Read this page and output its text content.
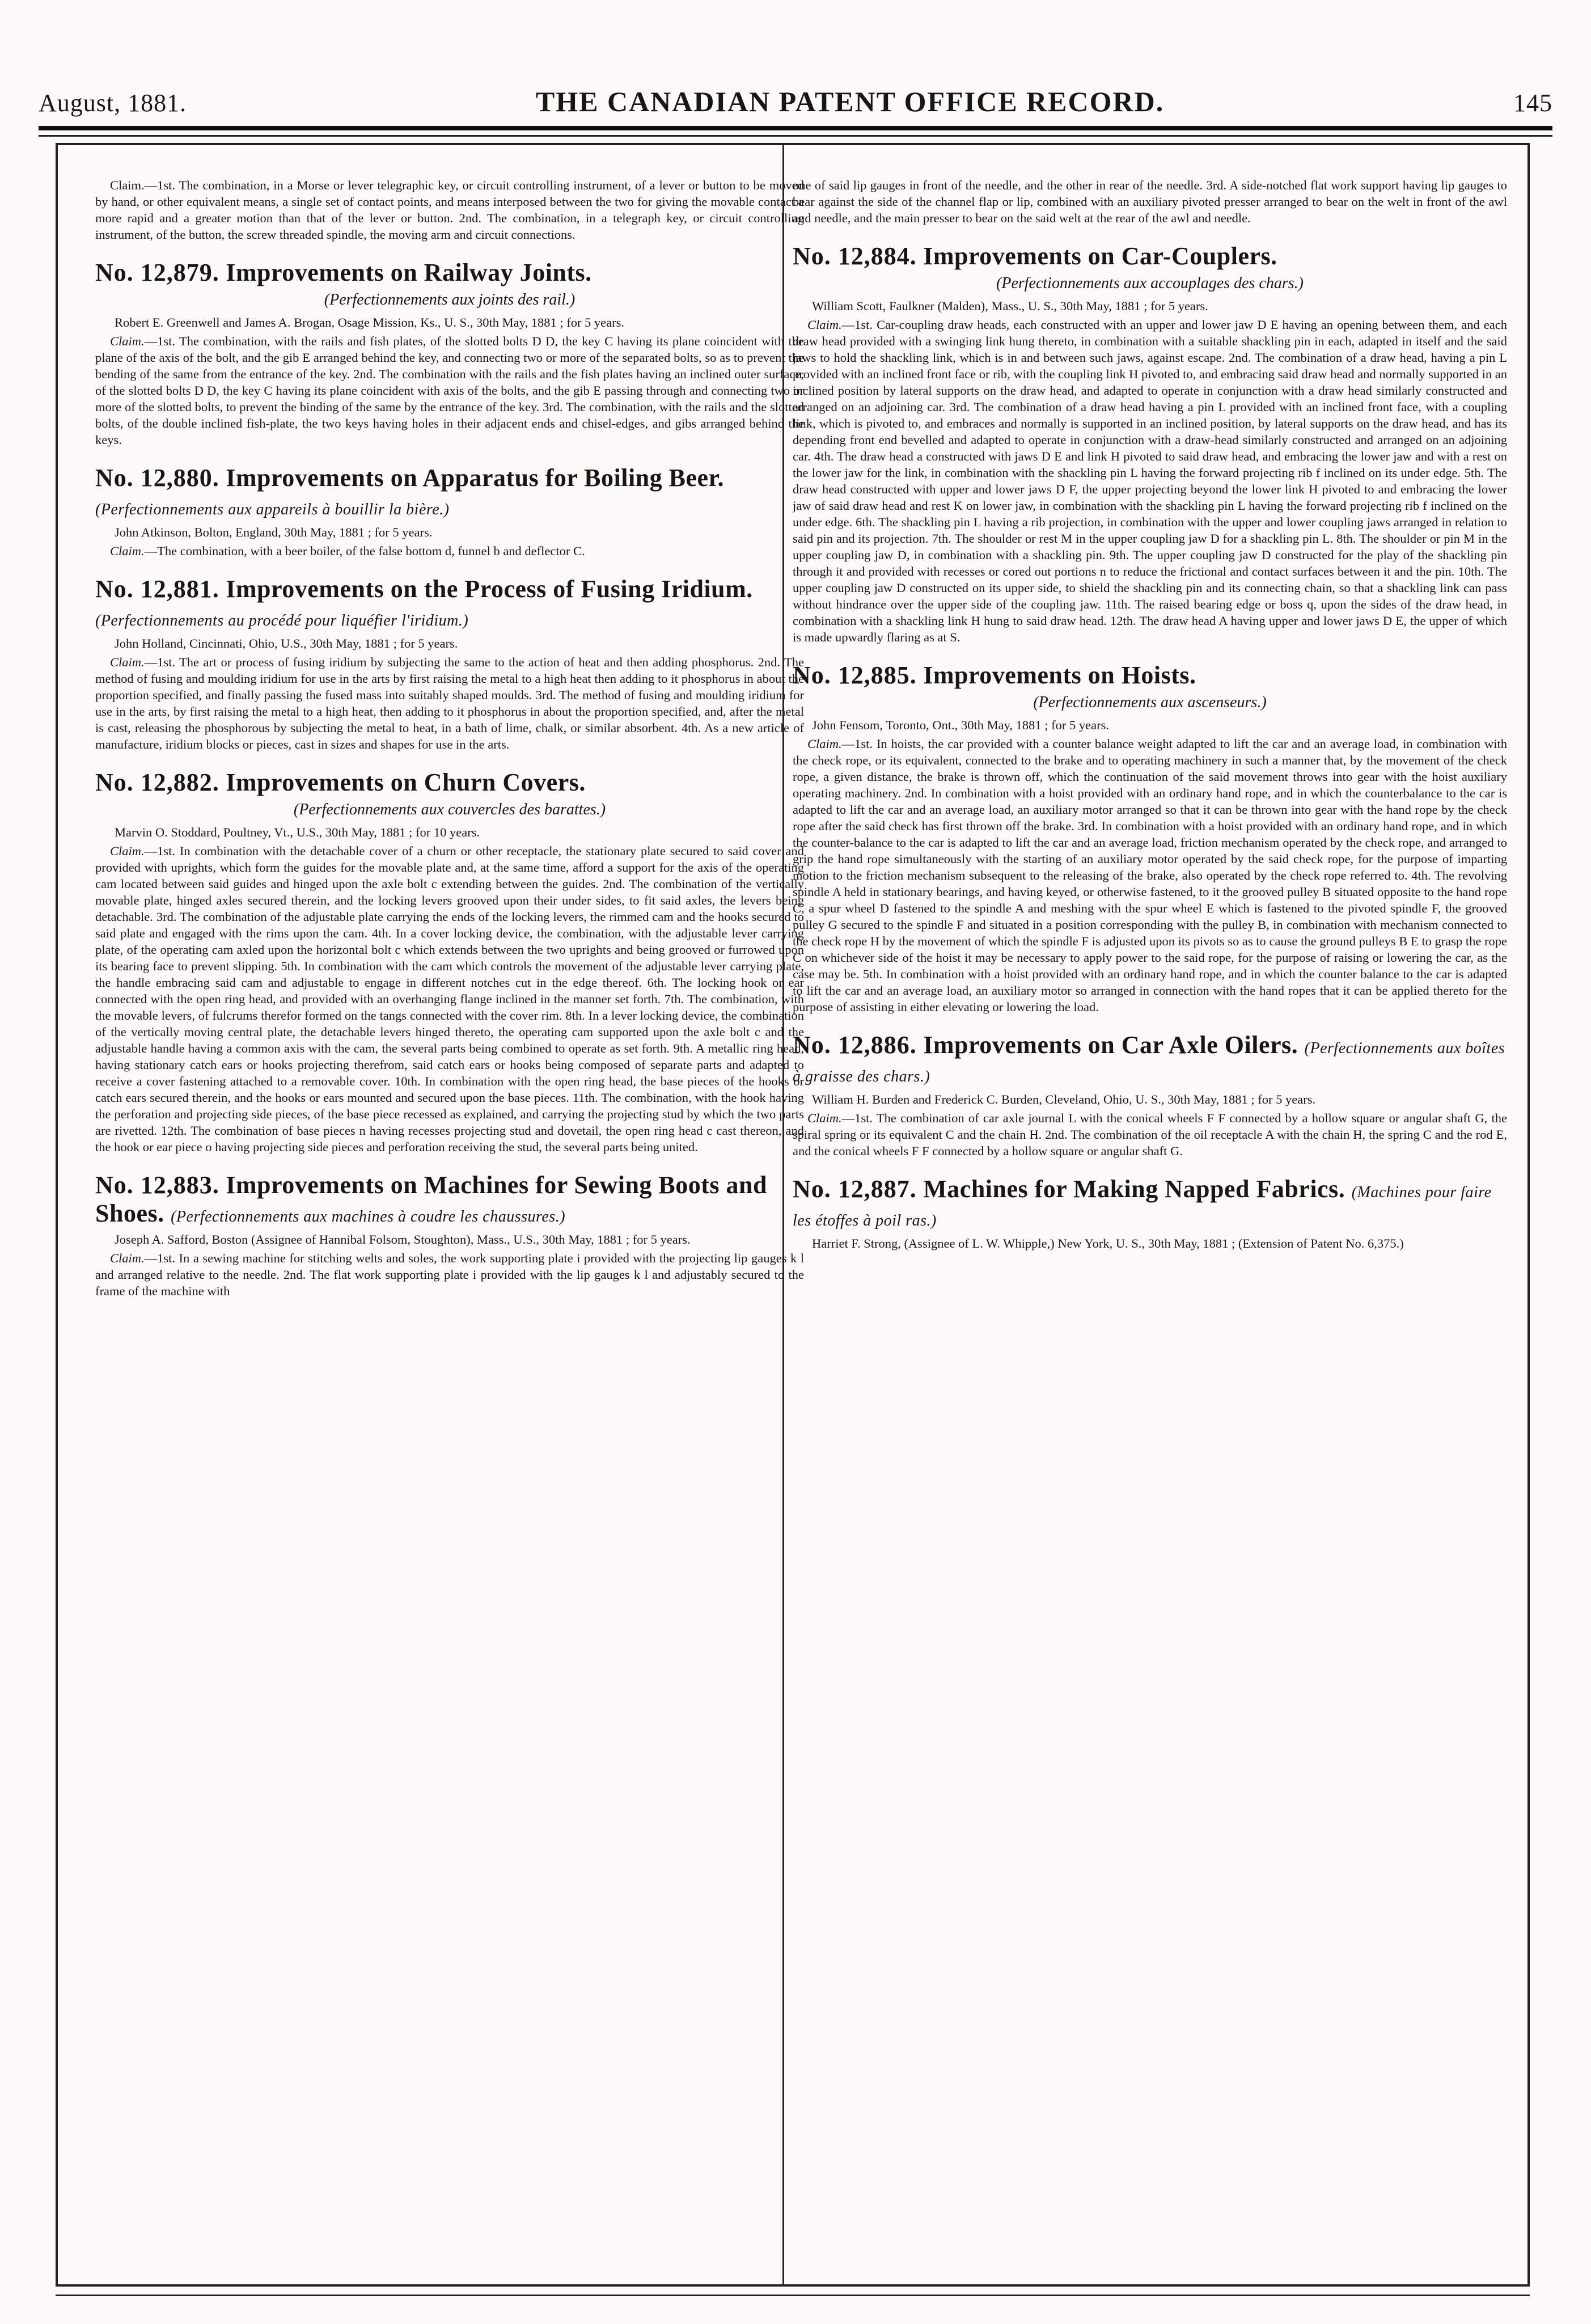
August, 1881.	THE CANADIAN PATENT OFFICE RECORD.	145

Claim.—1st. The combination, in a Morse or lever telegraphic key, or circuit controlling instrument, of a lever or button to be moved by hand, or other equivalent means, a single set of contact points, and means interposed between the two for giving the movable contact a more rapid and a greater motion than that of the lever or button. 2nd. The combination, in a telegraph key, or circuit controlling instrument, of the button, the screw threaded spindle, the moving arm and circuit connections.

No. 12,879. Improvements on Railway Joints.
(Perfectionnements aux joints des rail.)

Robert E. Greenwell and James A. Brogan, Osage Mission, Ks., U. S., 30th May, 1881 ; for 5 years.

Claim.—1st. The combination, with the rails and fish plates, of the slotted bolts D D, the key C having its plane coincident with the plane of the axis of the bolt, and the gib E arranged behind the key, and connecting two or more of the separated bolts, so as to prevent the bending of the same from the entrance of the key. 2nd. The combination with the rails and the fish plates having an inclined outer surface, of the slotted bolts D D, the key C having its plane coincident with axis of the bolts, and the gib E passing through and connecting two or more of the slotted bolts, to prevent the binding of the same by the entrance of the key. 3rd. The combination, with the rails and the slotted bolts, of the double inclined fish-plate, the two keys having holes in their adjacent ends and chisel-edges, and gibs arranged behind the keys.

No. 12,880. Improvements on Apparatus for Boiling Beer. (Perfectionnements aux appareils à bouillir la bière.)

John Atkinson, Bolton, England, 30th May, 1881 ; for 5 years.

Claim.—The combination, with a beer boiler, of the false bottom d, funnel b and deflector C.

No. 12,881. Improvements on the Process of Fusing Iridium. (Perfectionnements au procédé pour liquéfier l'iridium.)

John Holland, Cincinnati, Ohio, U.S., 30th May, 1881 ; for 5 years.

Claim.—1st. The art or process of fusing iridium by subjecting the same to the action of heat and then adding phosphorus. 2nd. The method of fusing and moulding iridium for use in the arts by first raising the metal to a high heat then adding to it phosphorus in about the proportion specified, and finally passing the fused mass into suitably shaped moulds. 3rd. The method of fusing and moulding iridium for use in the arts, by first raising the metal to a high heat, then adding to it phosphorus in about the proportion specified, and, after the metal is cast, releasing the phosphorous by subjecting the metal to heat, in a bath of lime, chalk, or similar absorbent. 4th. As a new article of manufacture, iridium blocks or pieces, cast in sizes and shapes for use in the arts.

No. 12,882. Improvements on Churn Covers.
(Perfectionnements aux couvercles des barattes.)

Marvin O. Stoddard, Poultney, Vt., U.S., 30th May, 1881 ; for 10 years.

Claim.—1st. In combination with the detachable cover of a churn or other receptacle, the stationary plate secured to said cover and provided with uprights, which form the guides for the movable plate and, at the same time, afford a support for the axis of the operating cam located between said guides and hinged upon the axle bolt c extending between the guides. 2nd. The combination of the vertically movable plate, hinged axles secured therein, and the locking levers grooved upon their under sides, to fit said axles, the levers being detachable. 3rd. The combination of the adjustable plate carrying the ends of the locking levers, the rimmed cam and the hooks secured to said plate and engaged with the rims upon the cam. 4th. In a cover locking device, the combination, with the adjustable lever carrying plate, of the operating cam axled upon the horizontal bolt c which extends between the two uprights and being grooved or furrowed upon its bearing face to prevent slipping. 5th. In combination with the cam which controls the movement of the adjustable lever carrying plate, the handle embracing said cam and adjustable to engage in different notches cut in the edge thereof. 6th. The locking hook or ear connected with the open ring head, and provided with an overhanging flange inclined in the manner set forth. 7th. The combination, with the movable levers, of fulcrums therefor formed on the tangs connected with the cover rim. 8th. In a lever locking device, the combination of the vertically moving central plate, the detachable levers hinged thereto, the operating cam supported upon the axle bolt c and the adjustable handle having a common axis with the cam, the several parts being combined to operate as set forth. 9th. A metallic ring head, having stationary catch ears or hooks projecting therefrom, said catch ears or hooks being composed of separate parts and adapted to receive a cover fastening attached to a removable cover. 10th. In combination with the open ring head, the base pieces of the hooks or catch ears secured therein, and the hooks or ears mounted and secured upon the base pieces. 11th. The combination, with the hook having the perforation and projecting side pieces, of the base piece recessed as explained, and carrying the projecting stud by which the two parts are rivetted. 12th. The combination of base pieces n having recesses projecting stud and dovetail, the open ring head c cast thereon, and the hook or ear piece o having projecting side pieces and perforation receiving the stud, the several parts being united.

No. 12,883. Improvements on Machines for Sewing Boots and Shoes. (Perfectionnements aux machines à coudre les chaussures.)

Joseph A. Safford, Boston (Assignee of Hannibal Folsom, Stoughton), Mass., U.S., 30th May, 1881 ; for 5 years.

Claim.—1st. In a sewing machine for stitching welts and soles, the work supporting plate i provided with the projecting lip gauges k l and arranged relative to the needle. 2nd. The flat work supporting plate i provided with the lip gauges k l and adjustably secured to the frame of the machine with

one of said lip gauges in front of the needle, and the other in rear of the needle. 3rd. A side-notched flat work support having lip gauges to bear against the side of the channel flap or lip, combined with an auxiliary pivoted presser arranged to bear on the welt in front of the awl and needle, and the main presser to bear on the said welt at the rear of the awl and needle.

No. 12,884. Improvements on Car-Couplers.
(Perfectionnements aux accouplages des chars.)

William Scott, Faulkner (Malden), Mass., U. S., 30th May, 1881 ; for 5 years.

Claim.—1st. Car-coupling draw heads, each constructed with an upper and lower jaw D E having an opening between them, and each draw head provided with a swinging link hung thereto, in combination with a suitable shackling pin in each, adapted in itself and the said jaws to hold the shackling link, which is in and between such jaws, against escape. 2nd. The combination of a draw head, having a pin L provided with an inclined front face or rib, with the coupling link H pivoted to, and embracing said draw head and normally supported in an inclined position by lateral supports on the draw head, and adapted to operate in conjunction with a draw head similarly constructed and arranged on an adjoining car. 3rd. The combination of a draw head having a pin L provided with an inclined front face, with a coupling link, which is pivoted to, and embraces and normally is supported in an inclined position, by lateral supports on the draw head, and has its depending front end bevelled and adapted to operate in conjunction with a draw-head similarly constructed and arranged on an adjoining car. 4th. The draw head a constructed with jaws D E and link H pivoted to said draw head, and embracing the lower jaw and with a rest on the lower jaw for the link, in combination with the shackling pin L having the forward projecting rib f inclined on its under edge. 5th. The draw head constructed with upper and lower jaws D F, the upper projecting beyond the lower link H pivoted to and embracing the lower jaw of said draw head and rest K on lower jaw, in combination with the shackling pin L having the forward projecting rib f inclined on the under edge. 6th. The shackling pin L having a rib projection, in combination with the upper and lower coupling jaws arranged in relation to said pin and its projection. 7th. The shoulder or rest M in the upper coupling jaw D for a shackling pin L. 8th. The shoulder or pin M in the upper coupling jaw D, in combination with a shackling pin. 9th. The upper coupling jaw D constructed for the play of the shackling pin through it and provided with recesses or cored out portions n to reduce the frictional and contact surfaces between it and the pin. 10th. The upper coupling jaw D constructed on its upper side, to shield the shackling pin and its connecting chain, so that a shackling link can pass without hindrance over the upper side of the coupling jaw. 11th. The raised bearing edge or boss q, upon the sides of the draw head, in combination with a shackling link H hung to said draw head. 12th. The draw head A having upper and lower jaws D E, the upper of which is made upwardly flaring as at S.

No. 12,885. Improvements on Hoists.
(Perfectionnements aux ascenseurs.)

John Fensom, Toronto, Ont., 30th May, 1881 ; for 5 years.

Claim.—1st. In hoists, the car provided with a counter balance weight adapted to lift the car and an average load, in combination with the check rope, or its equivalent, connected to the brake and to operating machinery in such a manner that, by the movement of the check rope, a given distance, the brake is thrown off, which the continuation of the said movement throws into gear with the hoist auxiliary operating machinery. 2nd. In combination with a hoist provided with an ordinary hand rope, and in which the counterbalance to the car is adapted to lift the car and an average load, an auxiliary motor arranged so that it can be thrown into gear with the hand rope by the check rope after the said check has first thrown off the brake. 3rd. In combination with a hoist provided with an ordinary hand rope, and in which the counter-balance to the car is adapted to lift the car and an average load, friction mechanism operated by the check rope, and arranged to grip the hand rope simultaneously with the starting of an auxiliary motor operated by the said check rope, for the purpose of imparting motion to the friction mechanism subsequent to the releasing of the brake, also operated by the check rope referred to. 4th. The revolving spindle A held in stationary bearings, and having keyed, or otherwise fastened, to it the grooved pulley B situated opposite to the hand rope C, a spur wheel D fastened to the spindle A and meshing with the spur wheel E which is fastened to the pivoted spindle F, the grooved pulley G secured to the spindle F and situated in a position corresponding with the pulley B, in combination with mechanism connected to the check rope H by the movement of which the spindle F is adjusted upon its pivots so as to cause the ground pulleys B E to grasp the rope C on whichever side of the hoist it may be necessary to apply power to the said rope, for the purpose of raising or lowering the car, as the case may be. 5th. In combination with a hoist provided with an ordinary hand rope, and in which the counter balance to the car is adapted to lift the car and an average load, an auxiliary motor so arranged in connection with the hand ropes that it can be applied thereto for the purpose of assisting in either elevating or lowering the load.

No. 12,886. Improvements on Car Axle Oilers. (Perfectionnements aux boîtes à graisse des chars.)

William H. Burden and Frederick C. Burden, Cleveland, Ohio, U. S., 30th May, 1881 ; for 5 years.

Claim.—1st. The combination of car axle journal L with the conical wheels F F connected by a hollow square or angular shaft G, the spiral spring or its equivalent C and the chain H. 2nd. The combination of the oil receptacle A with the chain H, the spring C and the rod E, and the conical wheels F F connected by a hollow square or angular shaft G.

No. 12,887. Machines for Making Napped Fabrics. (Machines pour faire les étoffes à poil ras.)

Harriet F. Strong, (Assignee of L. W. Whipple,) New York, U. S., 30th May, 1881 ; (Extension of Patent No. 6,375.)
